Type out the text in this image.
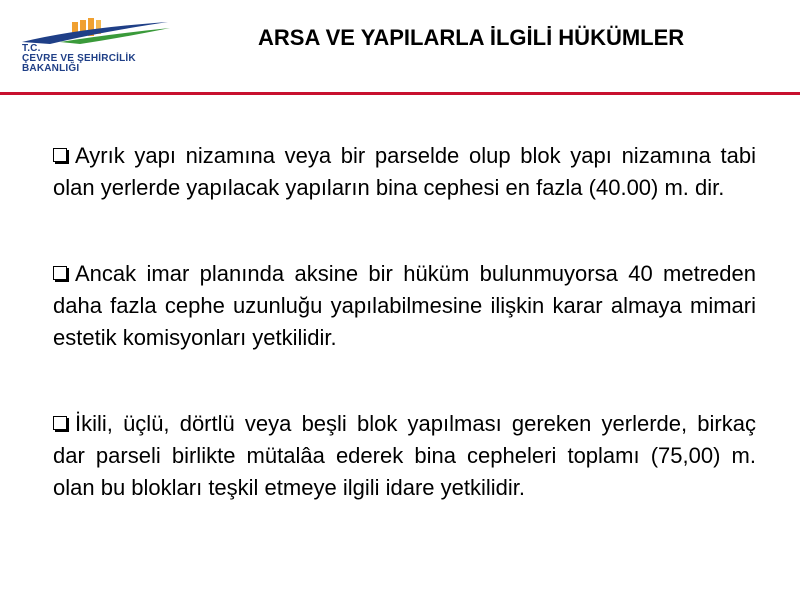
T.C.
ÇEVRE VE ŞEHİRCİLİK
BAKANLIĞI
ARSA VE YAPILARLA İLGİLİ HÜKÜMLER

Ayrık yapı nizamına veya bir parselde olup blok yapı nizamına tabi olan yerlerde yapılacak yapıların bina cephesi en fazla (40.00) m. dir.

Ancak imar planında aksine bir hüküm bulunmuyorsa 40 metreden daha fazla cephe uzunluğu yapılabilmesine ilişkin karar almaya mimari estetik komisyonları yetkilidir.

İkili, üçlü, dörtlü veya beşli blok yapılması gereken yerlerde, birkaç dar parseli birlikte mütalâa ederek bina cepheleri toplamı (75,00) m. olan bu blokları teşkil etmeye ilgili idare yetkilidir.
